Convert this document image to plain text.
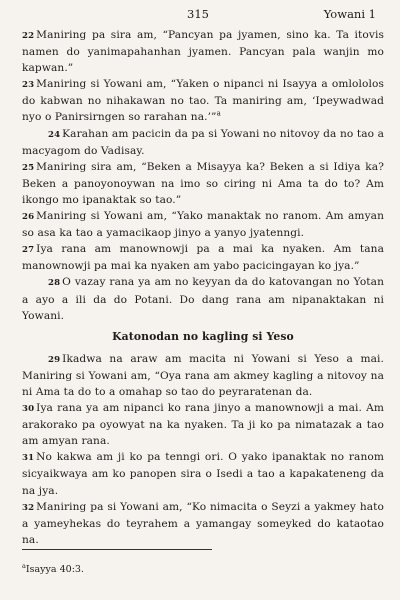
315	Yowani 1

22 Maniring pa sira am, “Pancyan pa jyamen, sino ka. Ta itovis namen do yanimapahanhan jyamen. Pancyan pala wanjin mo kapwan.”

23 Maniring si Yowani am, “Yaken o nipanci ni Isayya a omlololos do kabwan no nihakawan no tao. Ta maniring am, ‘Ipeywadwad nyo o Panirsirngen so rarahan na.’”$^a$

24 Karahan am pacicin da pa si Yowani no nitovoy da no tao a macyagom do Vadisay.

25 Maniring sira am, “Beken a Misayya ka? Beken a si Idiya ka? Beken a panoyonoywan na imo so ciring ni Ama ta do to? Am ikongo mo ipanaktak so tao.”

26 Maniring si Yowani am, “Yako manaktak no ranom. Am amyan so asa ka tao a yamacikaop jinyo a yanyo jyatenngi.

27 Iya rana am manownowji pa a mai ka nyaken. Am tana manownowji pa mai ka nyaken am yabo pacicingayan ko jya.”

28 O vazay rana ya am no keyyan da do katovangan no Yotan a ayo a ili da do Potani. Do dang rana am nipanaktakan ni Yowani.

Katonodan no kagling si Yeso

29 Ikadwa na araw am macita ni Yowani si Yeso a mai. Maniring si Yowani am, “Oya rana am akmey kagling a nitovoy na ni Ama ta do to a omahap so tao do peyraratenan da.

30 Iya rana ya am nipanci ko rana jinyo a manownowji a mai. Am arakorako pa oyowyat na ka nyaken. Ta ji ko pa nimatazak a tao am amyan rana.

31 No kakwa am ji ko pa tenngi ori. O yako ipanaktak no ranom sicyaikwaya am ko panopen sira o Isedi a tao a kapakateneng da na jya.

32 Maniring pa si Yowani am, “Ko nimacita o Seyzi a yakmey hato a yameyhekas do teyrahem a yamangay someyked do kataotao na.

$^a$Isayya 40:3.
